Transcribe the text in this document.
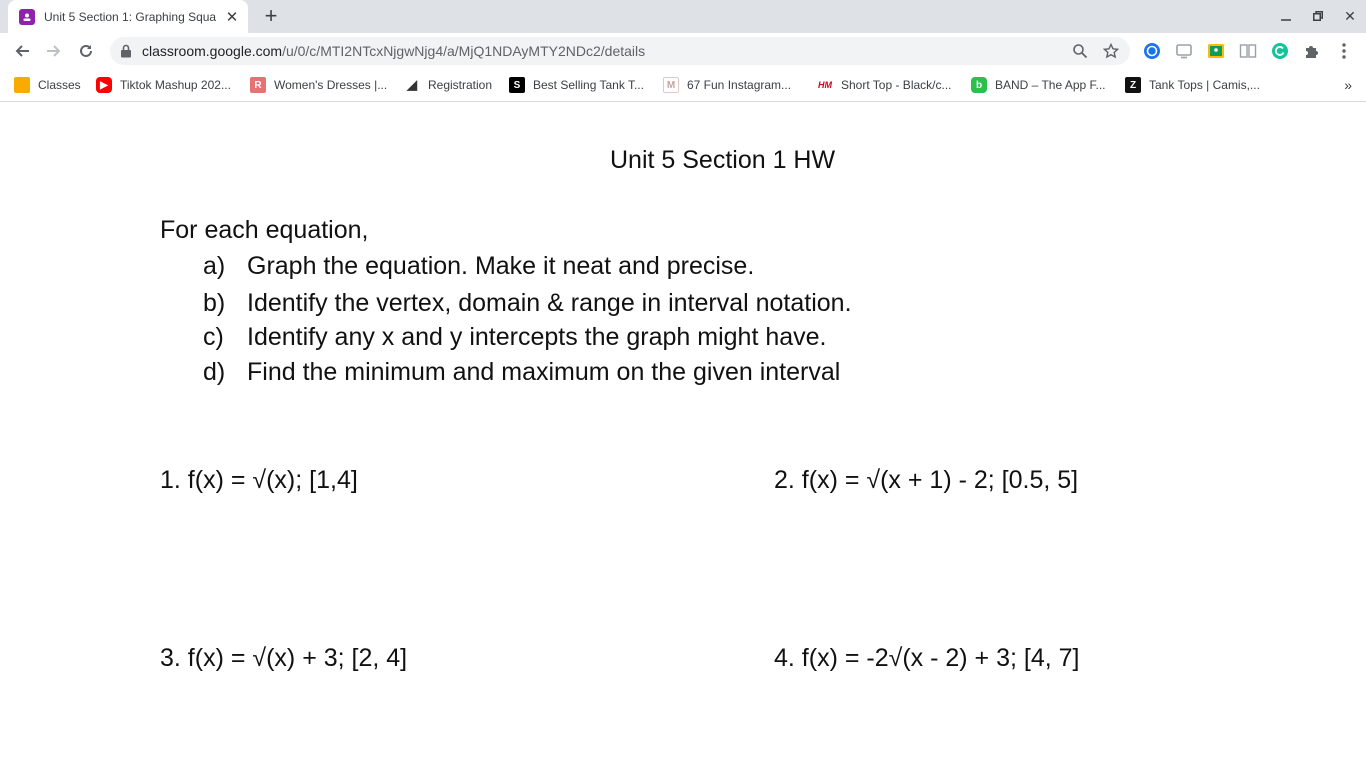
Unit 5 Section 1: Graphing Squa ✕ +	✕
classroom.google.com/u/0/c/MTI2NTcxNjgwNjg4/a/MjQ1NDAyMTY2NDc2/details
Classes	▶	Tiktok Mashup 202...	R	Women's Dresses |... ◢ Registration	S	Best Selling Tank T...	M 67 Fun Instagram...	HM Short Top - Black/c...	b	BAND – The App F...	Z	Tank Tops | Camis,...	»
Unit 5 Section 1 HW
For each equation,
a) Graph the equation. Make it neat and precise.
b) Identify the vertex, domain & range in interval notation.
c) Identify any x and y intercepts the graph might have.
d) Find the minimum and maximum on the given interval
1. f(x) = √(x); [1,4]	2. f(x) = √(x + 1) - 2; [0.5, 5]
3. f(x) = √(x) + 3; [2, 4]	4. f(x) = -2√(x - 2) + 3; [4, 7]
